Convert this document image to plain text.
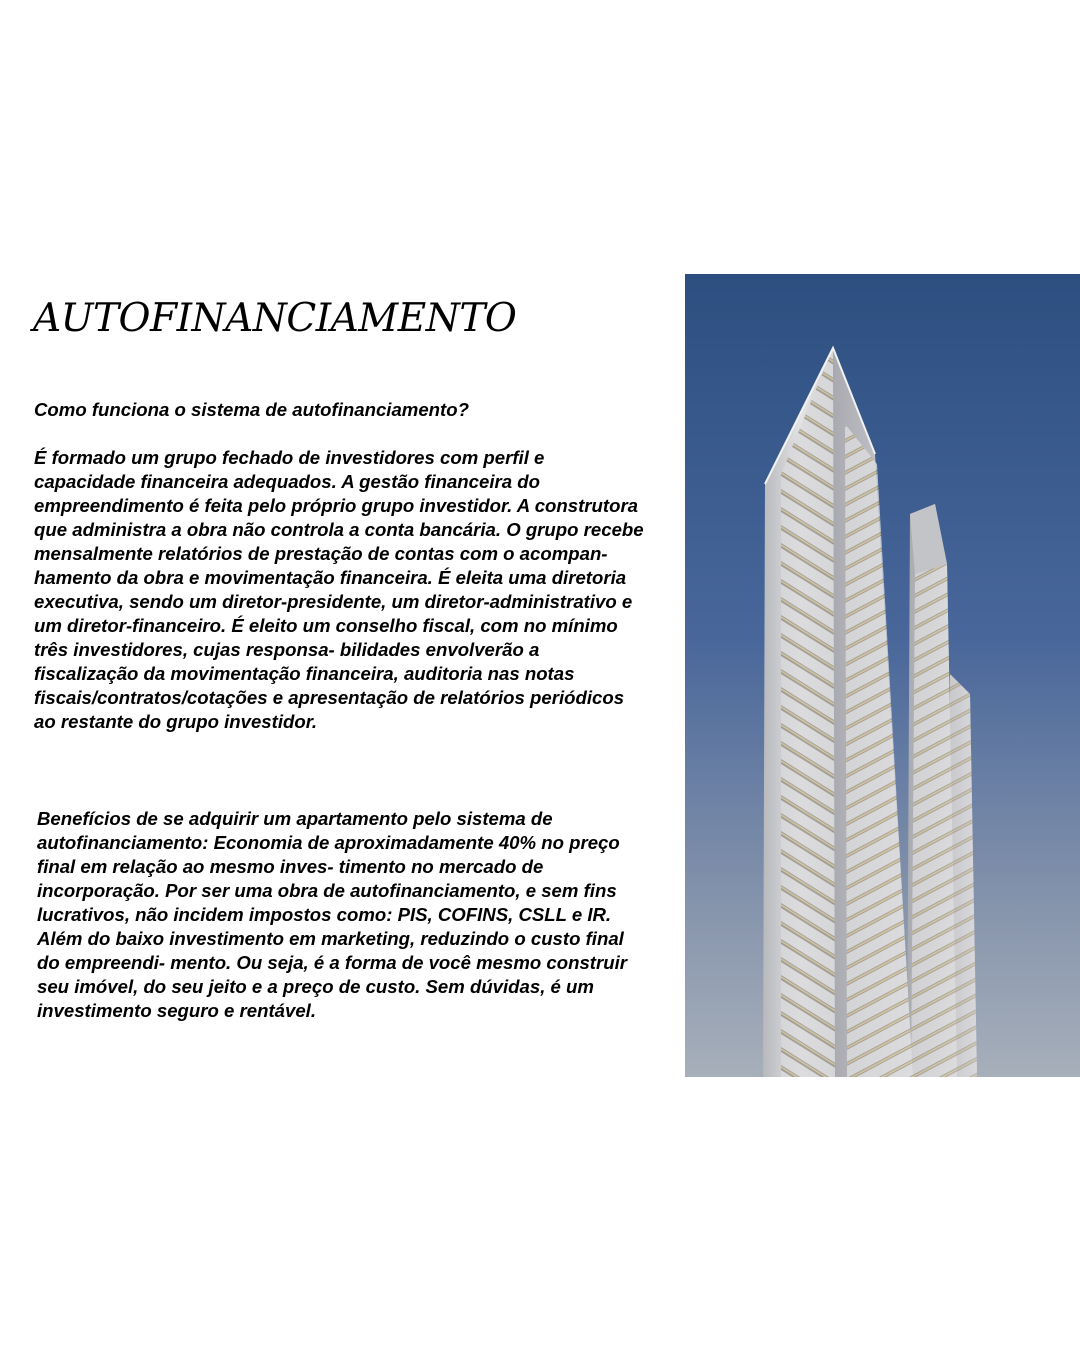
AUTOFINANCIAMENTO

Como funciona o sistema de autofinanciamento?

É formado um grupo fechado de investidores com perfil e capacidade financeira adequados. A gestão financeira do empreendimento é feita pelo próprio grupo investidor. A construtora que administra a obra não controla a conta bancária. O grupo recebe mensalmente relatórios de prestação de contas com o acompan- hamento da obra e movimentação financeira. É eleita uma diretoria executiva, sendo um diretor-presidente, um diretor-administrativo e um diretor-financeiro. É eleito um conselho fiscal, com no mínimo três investidores, cujas responsa- bilidades envolverão a fiscalização da movimentação financeira, auditoria nas notas fiscais/contratos/cotações e apresentação de relatórios periódicos ao restante do grupo investidor.

Benefícios de se adquirir um apartamento pelo sistema de autofinanciamento: Economia de aproximadamente 40% no preço final em relação ao mesmo inves- timento no mercado de incorporação. Por ser uma obra de autofinanciamento, e sem fins lucrativos, não incidem impostos como: PIS, COFINS, CSLL e IR. Além do baixo investimento em marketing, reduzindo o custo final do empreendi- mento. Ou seja, é a forma de você mesmo construir seu imóvel, do seu jeito e a preço de custo. Sem dúvidas, é um investimento seguro e rentável.
